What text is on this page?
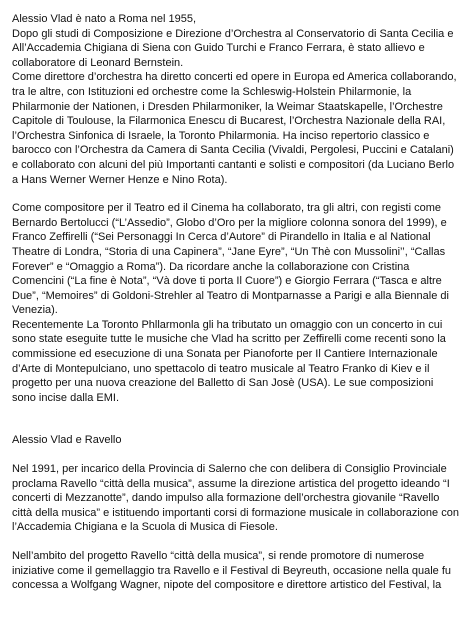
Alessio Vlad è nato a Roma nel 1955,
Dopo gli studi di Composizione e Direzione d’Orchestra al Conservatorio di Santa Cecilia e All’Accademia Chigiana di Siena con Guido Turchi e Franco Ferrara, è stato allievo e collaboratore di Leonard Bernstein.
Come direttore d’orchestra ha diretto concerti ed opere in Europa ed America collaborando, tra le altre, con Istituzioni ed orchestre come la Schleswig-Holstein Philarmonie, la Philarmonie der Nationen, i Dresden Philarmoniker, la Weimar Staatskapelle, l’Orchestre Capitole di Toulouse, la Filarmonica Enescu di Bucarest, l’Orchestra Nazionale della RAI, l’Orchestra Sinfonica di Israele, la Toronto Philarmonia. Ha inciso repertorio classico e barocco con l’Orchestra da Camera di Santa Cecilia (Vivaldi, Pergolesi, Puccini e Catalani) e collaborato con alcuni del più Importanti cantanti e solisti e compositori (da Luciano Berlo a Hans Werner Werner Henze e Nino Rota).

Come compositore per il Teatro ed il Cinema ha collaborato, tra gli altri, con registi come Bernardo Bertolucci (“L’Assedio”, Globo d’Oro per la migliore colonna sonora del 1999), e Franco Zeffirelli (“Sei Personaggi In Cerca d’Autore” di Pirandello in Italia e al National Theatre di Londra, “Storia di una Capinera”, “Jane Eyre”, “Un Thè con Mussolini’’, “Callas Forever” e “Omaggio a Roma”). Da ricordare anche la collaborazione con Cristina Comencini (“La fine è Nota”, “Và dove ti porta Il Cuore”) e Giorgio Ferrara (“Tasca e altre Due”, “Memoires” di Goldoni-Strehler al Teatro di Montparnasse a Parigi e alla Biennale di Venezia).
Recentemente La Toronto Phllarmonla gli ha tributato un omaggio con un concerto in cui sono state eseguite tutte le musiche che Vlad ha scritto per Zeffirelli come recenti sono la commissione ed esecuzione di una Sonata per Pianoforte per Il Cantiere Internazionale d’Arte di Montepulciano, uno spettacolo di teatro musicale al Teatro Franko di Kiev e il progetto per una nuova creazione del Balletto di San Josè (USA). Le sue composizioni sono incise dalla EMI.

Alessio Vlad e Ravello

Nel 1991, per incarico della Provincia di Salerno che con delibera di Consiglio Provinciale proclama Ravello “città della musica”, assume la direzione artistica del progetto ideando “I concerti di Mezzanotte”, dando impulso alla formazione dell’orchestra giovanile “Ravello città della musica” e istituendo importanti corsi di formazione musicale in collaborazione con l’Accademia Chigiana e la Scuola di Musica di Fiesole.

Nell’ambito del progetto Ravello “città della musica”, si rende promotore di numerose iniziative come il gemellaggio tra Ravello e il Festival di Beyreuth, occasione nella quale fu concessa a Wolfgang Wagner, nipote del compositore e direttore artistico del Festival, la
